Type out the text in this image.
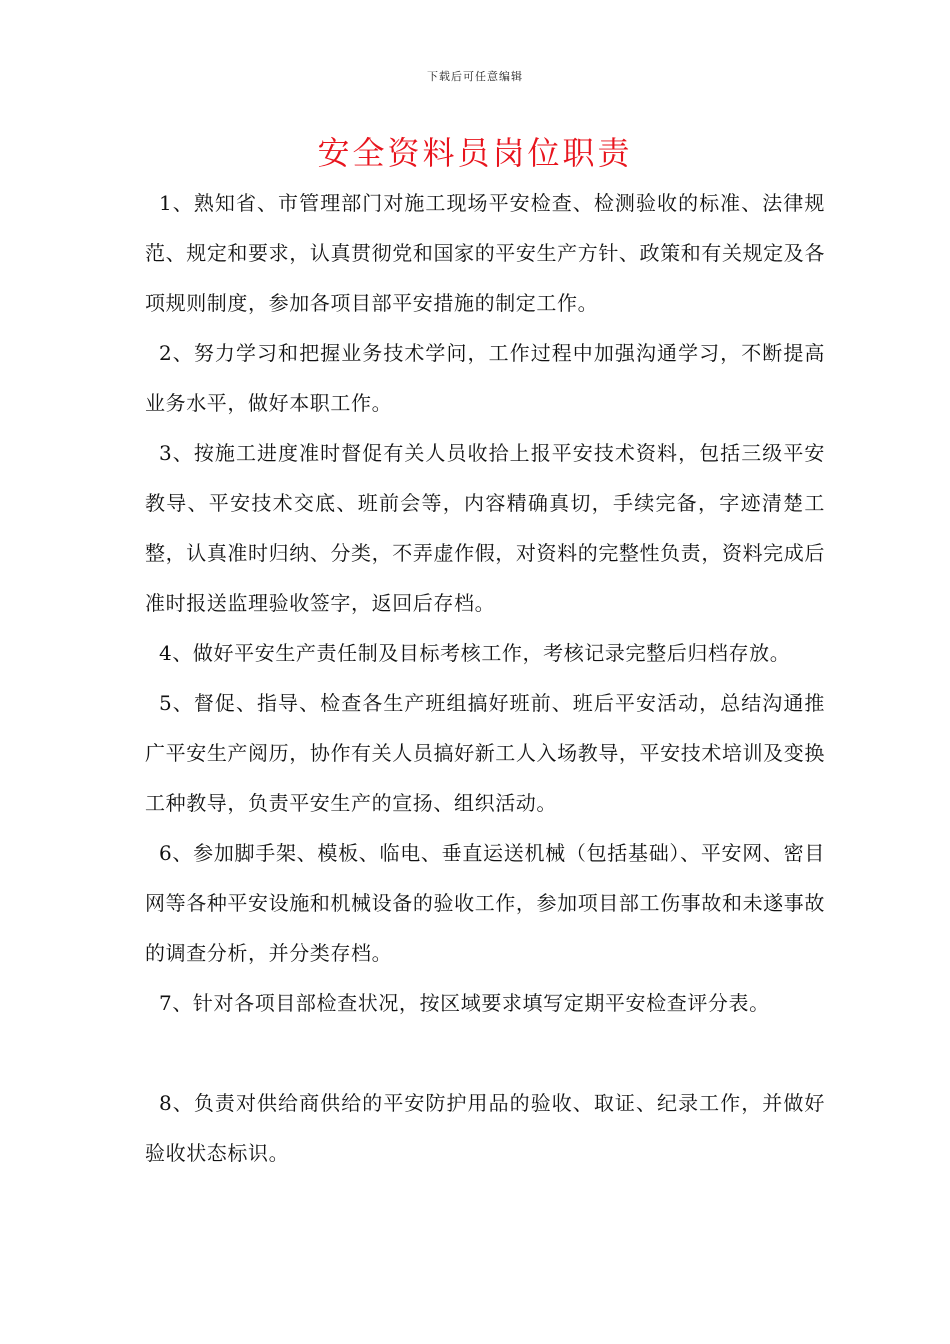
下载后可任意编辑
安全资料员岗位职责

1、熟知省、市管理部门对施工现场平安检查、检测验收的标准、法律规范、规定和要求，认真贯彻党和国家的平安生产方针、政策和有关规定及各项规则制度，参加各项目部平安措施的制定工作。

2、努力学习和把握业务技术学问，工作过程中加强沟通学习，不断提高业务水平，做好本职工作。

3、按施工进度准时督促有关人员收拾上报平安技术资料，包括三级平安教导、平安技术交底、班前会等，内容精确真切，手续完备，字迹清楚工整，认真准时归纳、分类，不弄虚作假，对资料的完整性负责，资料完成后准时报送监理验收签字，返回后存档。

4、做好平安生产责任制及目标考核工作，考核记录完整后归档存放。

5、督促、指导、检查各生产班组搞好班前、班后平安活动，总结沟通推广平安生产阅历，协作有关人员搞好新工人入场教导，平安技术培训及变换工种教导，负责平安生产的宣扬、组织活动。

6、参加脚手架、模板、临电、垂直运送机械（包括基础）、平安网、密目网等各种平安设施和机械设备的验收工作，参加项目部工伤事故和未遂事故的调查分析，并分类存档。

7、针对各项目部检查状况，按区域要求填写定期平安检查评分表。

8、负责对供给商供给的平安防护用品的验收、取证、纪录工作，并做好验收状态标识。
